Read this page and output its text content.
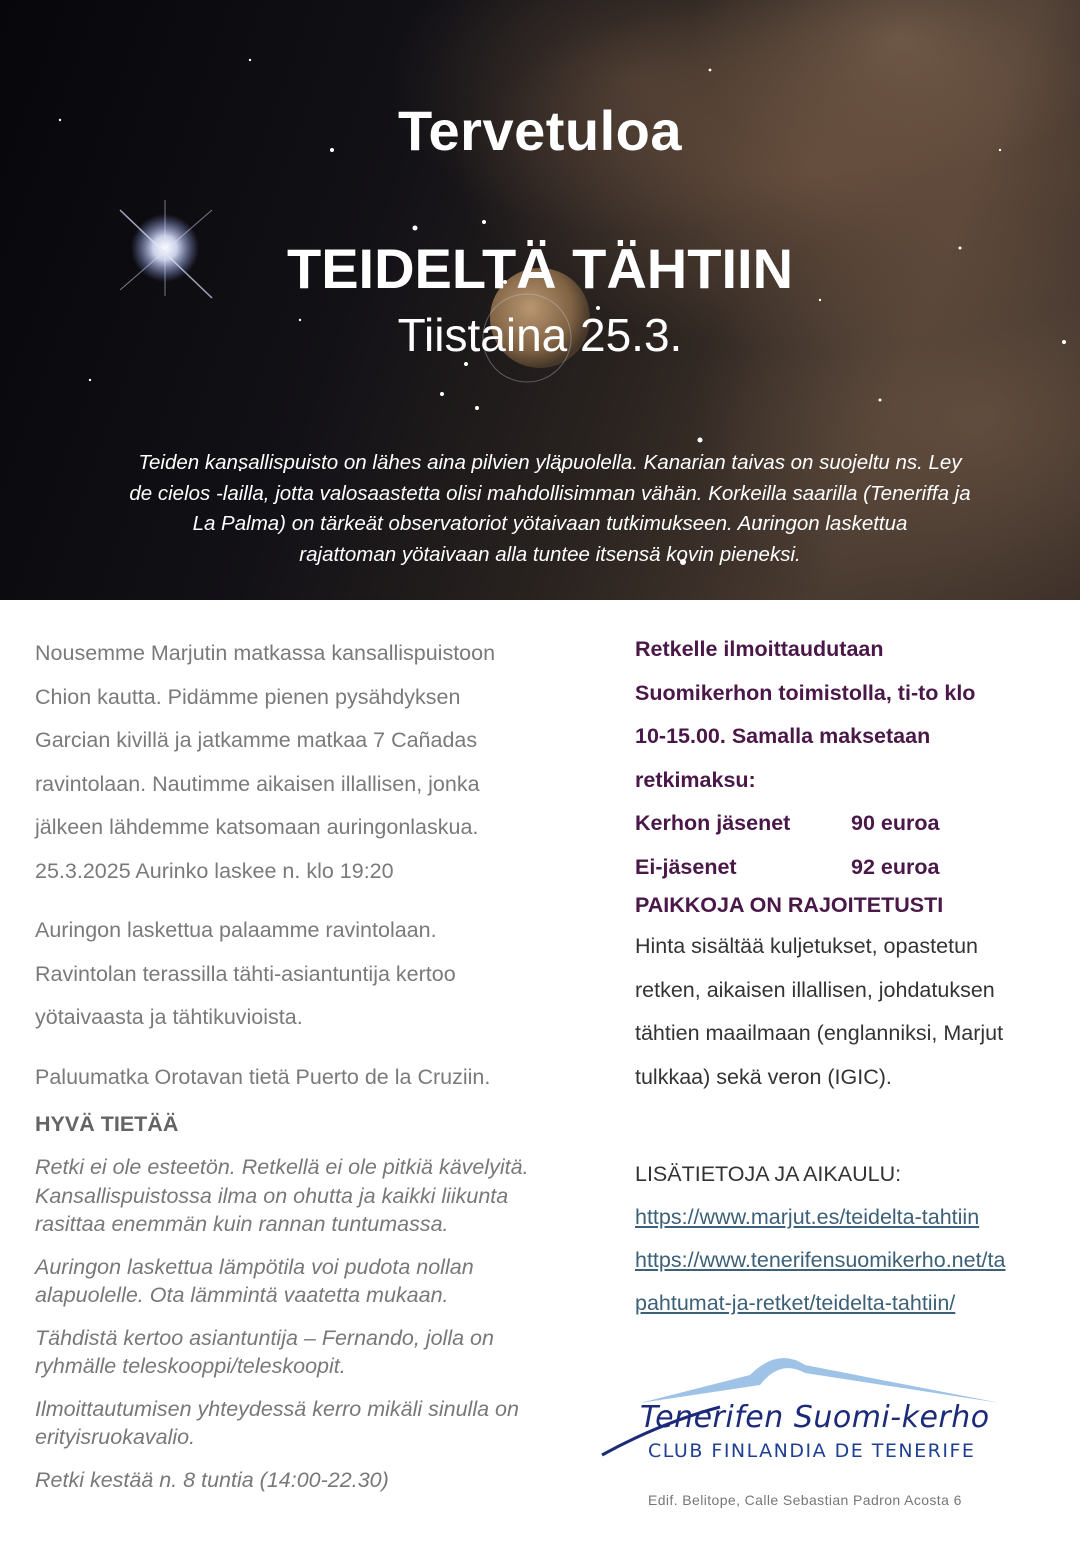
Tervetuloa
TEIDELTÄ TÄHTIIN
Tiistaina 25.3.
Teiden kansallispuisto on lähes aina pilvien yläpuolella. Kanarian taivas on suojeltu ns. Ley
de cielos -lailla, jotta valosaastetta olisi mahdollisimman vähän. Korkeilla saarilla (Teneriffa ja
La Palma) on tärkeät observatoriot yötaivaan tutkimukseen. Auringon laskettua
rajattoman yötaivaan alla tuntee itsensä kovin pieneksi.

Nousemme Marjutin matkassa kansallispuistoon
Chion kautta. Pidämme pienen pysähdyksen
Garcian kivillä ja jatkamme matkaa 7 Cañadas
ravintolaan. Nautimme aikaisen illallisen, jonka
jälkeen lähdemme katsomaan auringonlaskua.
25.3.2025 Aurinko laskee n. klo 19:20

Auringon laskettua palaamme ravintolaan.
Ravintolan terassilla tähti-asiantuntija kertoo
yötaivaasta ja tähtikuvioista.

Paluumatka Orotavan tietä Puerto de la Cruziin.

HYVÄ TIETÄÄ

Retki ei ole esteetön. Retkellä ei ole pitkiä kävelyitä.
Kansallispuistossa ilma on ohutta ja kaikki liikunta
rasittaa enemmän kuin rannan tuntumassa.

Auringon laskettua lämpötila voi pudota nollan
alapuolelle. Ota lämmintä vaatetta mukaan.

Tähdistä kertoo asiantuntija – Fernando, jolla on
ryhmälle teleskooppi/teleskoopit.

Ilmoittautumisen yhteydessä kerro mikäli sinulla on
erityisruokavalio.

Retki kestää n. 8 tuntia (14:00-22.30)

Retkelle ilmoittaudutaan
Suomikerhon toimistolla, ti-to klo
10-15.00. Samalla maksetaan
retkimaksu:

Kerhon jäsenet	90 euroa
Ei-jäsenet	92 euroa

PAIKKOJA ON RAJOITETUSTI

Hinta sisältää kuljetukset, opastetun
retken, aikaisen illallisen, johdatuksen
tähtien maailmaan (englanniksi, Marjut
tulkkaa) sekä veron (IGIC).

LISÄTIETOJA JA AIKAULU:

https://www.marjut.es/teidelta-tahtiin

https://www.tenerifensuomikerho.net/ta
pahtumat-ja-retket/teidelta-tahtiin/

Tenerifen Suomi-kerho
CLUB FINLANDIA DE TENERIFE
Edif. Belitope, Calle Sebastian Padron Acosta 6
